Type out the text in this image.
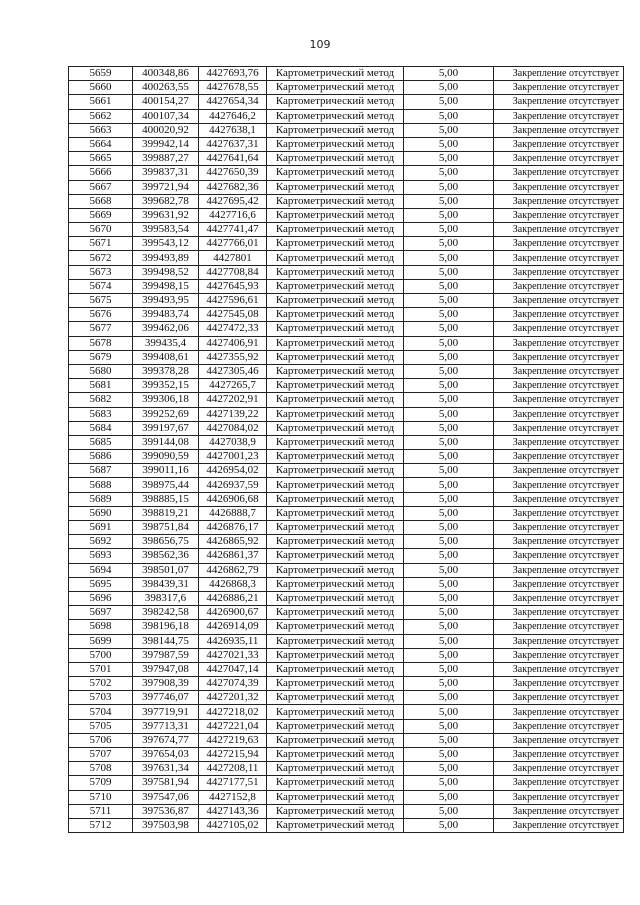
109
5659	400348,86	4427693,76	Картометрический метод	5,00	Закрепление отсутствует
5660	400263,55	4427678,55	Картометрический метод	5,00	Закрепление отсутствует
5661	400154,27	4427654,34	Картометрический метод	5,00	Закрепление отсутствует
5662	400107,34	4427646,2	Картометрический метод	5,00	Закрепление отсутствует
5663	400020,92	4427638,1	Картометрический метод	5,00	Закрепление отсутствует
5664	399942,14	4427637,31	Картометрический метод	5,00	Закрепление отсутствует
5665	399887,27	4427641,64	Картометрический метод	5,00	Закрепление отсутствует
5666	399837,31	4427650,39	Картометрический метод	5,00	Закрепление отсутствует
5667	399721,94	4427682,36	Картометрический метод	5,00	Закрепление отсутствует
5668	399682,78	4427695,42	Картометрический метод	5,00	Закрепление отсутствует
5669	399631,92	4427716,6	Картометрический метод	5,00	Закрепление отсутствует
5670	399583,54	4427741,47	Картометрический метод	5,00	Закрепление отсутствует
5671	399543,12	4427766,01	Картометрический метод	5,00	Закрепление отсутствует
5672	399493,89	4427801	Картометрический метод	5,00	Закрепление отсутствует
5673	399498,52	4427708,84	Картометрический метод	5,00	Закрепление отсутствует
5674	399498,15	4427645,93	Картометрический метод	5,00	Закрепление отсутствует
5675	399493,95	4427596,61	Картометрический метод	5,00	Закрепление отсутствует
5676	399483,74	4427545,08	Картометрический метод	5,00	Закрепление отсутствует
5677	399462,06	4427472,33	Картометрический метод	5,00	Закрепление отсутствует
5678	399435,4	4427406,91	Картометрический метод	5,00	Закрепление отсутствует
5679	399408,61	4427355,92	Картометрический метод	5,00	Закрепление отсутствует
5680	399378,28	4427305,46	Картометрический метод	5,00	Закрепление отсутствует
5681	399352,15	4427265,7	Картометрический метод	5,00	Закрепление отсутствует
5682	399306,18	4427202,91	Картометрический метод	5,00	Закрепление отсутствует
5683	399252,69	4427139,22	Картометрический метод	5,00	Закрепление отсутствует
5684	399197,67	4427084,02	Картометрический метод	5,00	Закрепление отсутствует
5685	399144,08	4427038,9	Картометрический метод	5,00	Закрепление отсутствует
5686	399090,59	4427001,23	Картометрический метод	5,00	Закрепление отсутствует
5687	399011,16	4426954,02	Картометрический метод	5,00	Закрепление отсутствует
5688	398975,44	4426937,59	Картометрический метод	5,00	Закрепление отсутствует
5689	398885,15	4426906,68	Картометрический метод	5,00	Закрепление отсутствует
5690	398819,21	4426888,7	Картометрический метод	5,00	Закрепление отсутствует
5691	398751,84	4426876,17	Картометрический метод	5,00	Закрепление отсутствует
5692	398656,75	4426865,92	Картометрический метод	5,00	Закрепление отсутствует
5693	398562,36	4426861,37	Картометрический метод	5,00	Закрепление отсутствует
5694	398501,07	4426862,79	Картометрический метод	5,00	Закрепление отсутствует
5695	398439,31	4426868,3	Картометрический метод	5,00	Закрепление отсутствует
5696	398317,6	4426886,21	Картометрический метод	5,00	Закрепление отсутствует
5697	398242,58	4426900,67	Картометрический метод	5,00	Закрепление отсутствует
5698	398196,18	4426914,09	Картометрический метод	5,00	Закрепление отсутствует
5699	398144,75	4426935,11	Картометрический метод	5,00	Закрепление отсутствует
5700	397987,59	4427021,33	Картометрический метод	5,00	Закрепление отсутствует
5701	397947,08	4427047,14	Картометрический метод	5,00	Закрепление отсутствует
5702	397908,39	4427074,39	Картометрический метод	5,00	Закрепление отсутствует
5703	397746,07	4427201,32	Картометрический метод	5,00	Закрепление отсутствует
5704	397719,91	4427218,02	Картометрический метод	5,00	Закрепление отсутствует
5705	397713,31	4427221,04	Картометрический метод	5,00	Закрепление отсутствует
5706	397674,77	4427219,63	Картометрический метод	5,00	Закрепление отсутствует
5707	397654,03	4427215,94	Картометрический метод	5,00	Закрепление отсутствует
5708	397631,34	4427208,11	Картометрический метод	5,00	Закрепление отсутствует
5709	397581,94	4427177,51	Картометрический метод	5,00	Закрепление отсутствует
5710	397547,06	4427152,8	Картометрический метод	5,00	Закрепление отсутствует
5711	397536,87	4427143,36	Картометрический метод	5,00	Закрепление отсутствует
5712	397503,98	4427105,02	Картометрический метод	5,00	Закрепление отсутствует
